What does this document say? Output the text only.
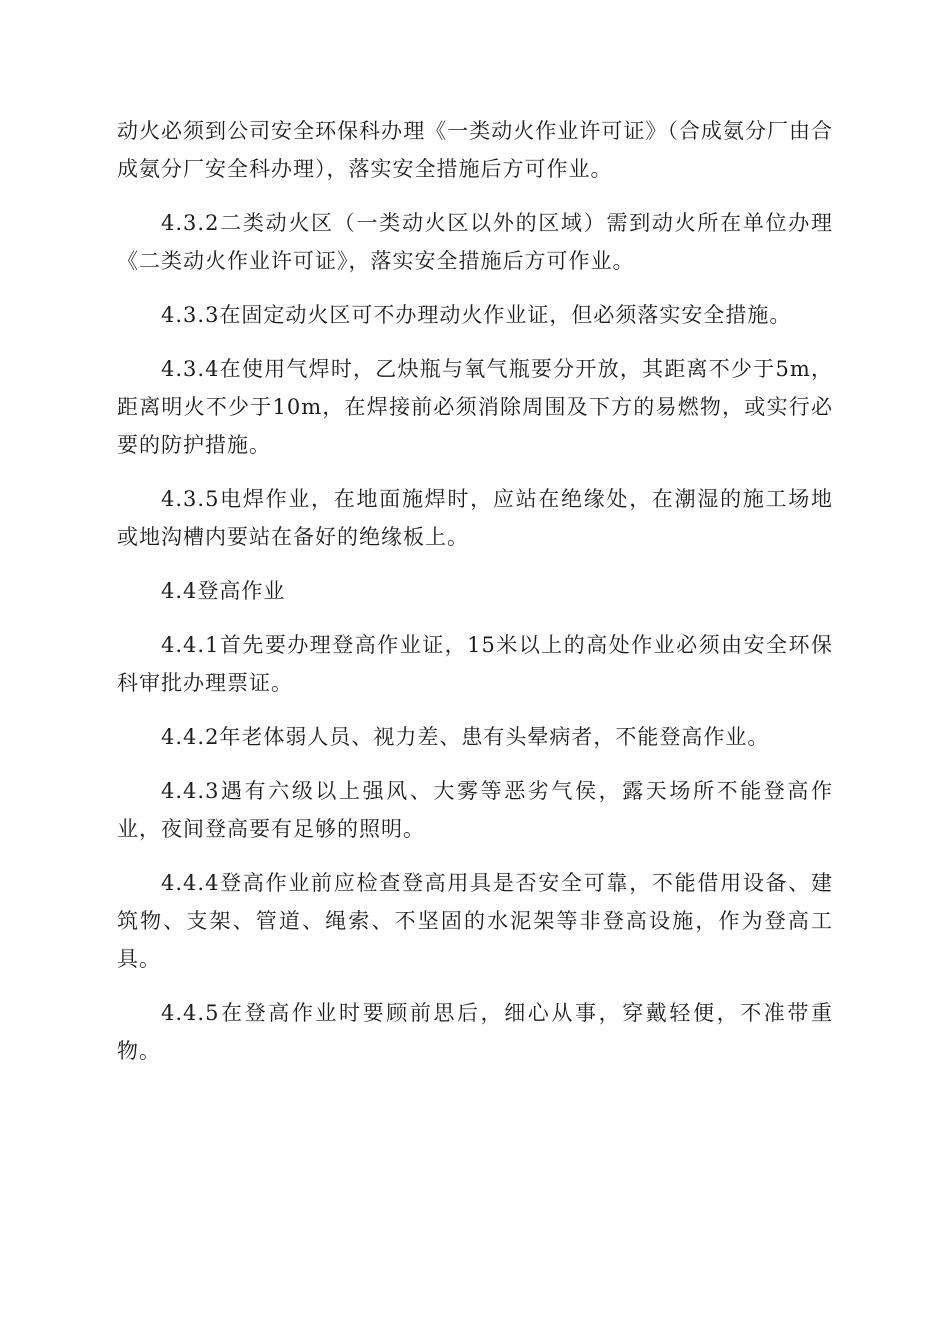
动火必须到公司安全环保科办理《一类动火作业许可证》（合成氨分厂由合成氨分厂安全科办理），落实安全措施后方可作业。

4.3.2二类动火区（一类动火区以外的区域）需到动火所在单位办理《二类动火作业许可证》，落实安全措施后方可作业。

4.3.3在固定动火区可不办理动火作业证，但必须落实安全措施。

4.3.4在使用气焊时，乙炔瓶与氧气瓶要分开放，其距离不少于5m，距离明火不少于10m，在焊接前必须消除周围及下方的易燃物，或实行必要的防护措施。

4.3.5电焊作业，在地面施焊时，应站在绝缘处，在潮湿的施工场地或地沟槽内要站在备好的绝缘板上。

4.4登高作业

4.4.1首先要办理登高作业证，15米以上的高处作业必须由安全环保科审批办理票证。

4.4.2年老体弱人员、视力差、患有头晕病者，不能登高作业。

4.4.3遇有六级以上强风、大雾等恶劣气侯，露天场所不能登高作业，夜间登高要有足够的照明。

4.4.4登高作业前应检查登高用具是否安全可靠，不能借用设备、建筑物、支架、管道、绳索、不坚固的水泥架等非登高设施，作为登高工具。

4.4.5在登高作业时要顾前思后，细心从事，穿戴轻便，不准带重物。
